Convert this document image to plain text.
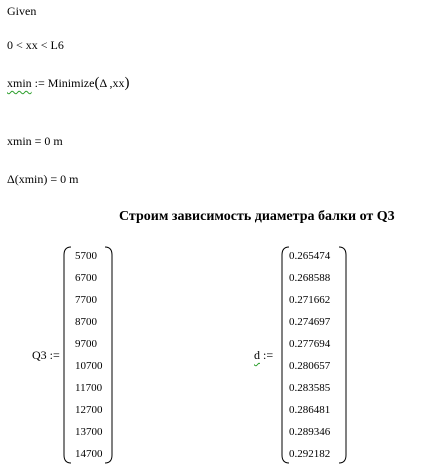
Given
0 < xx < L6
xmin := Minimize(Δ ,xx)
xmin = 0 m
Δ(xmin) = 0 m
Строим зависимость диаметра балки от Q3
Q3 :=
5700
6700
7700
8700
9700
10700
11700
12700
13700
14700
d :=
0.265474
0.268588
0.271662
0.274697
0.277694
0.280657
0.283585
0.286481
0.289346
0.292182
